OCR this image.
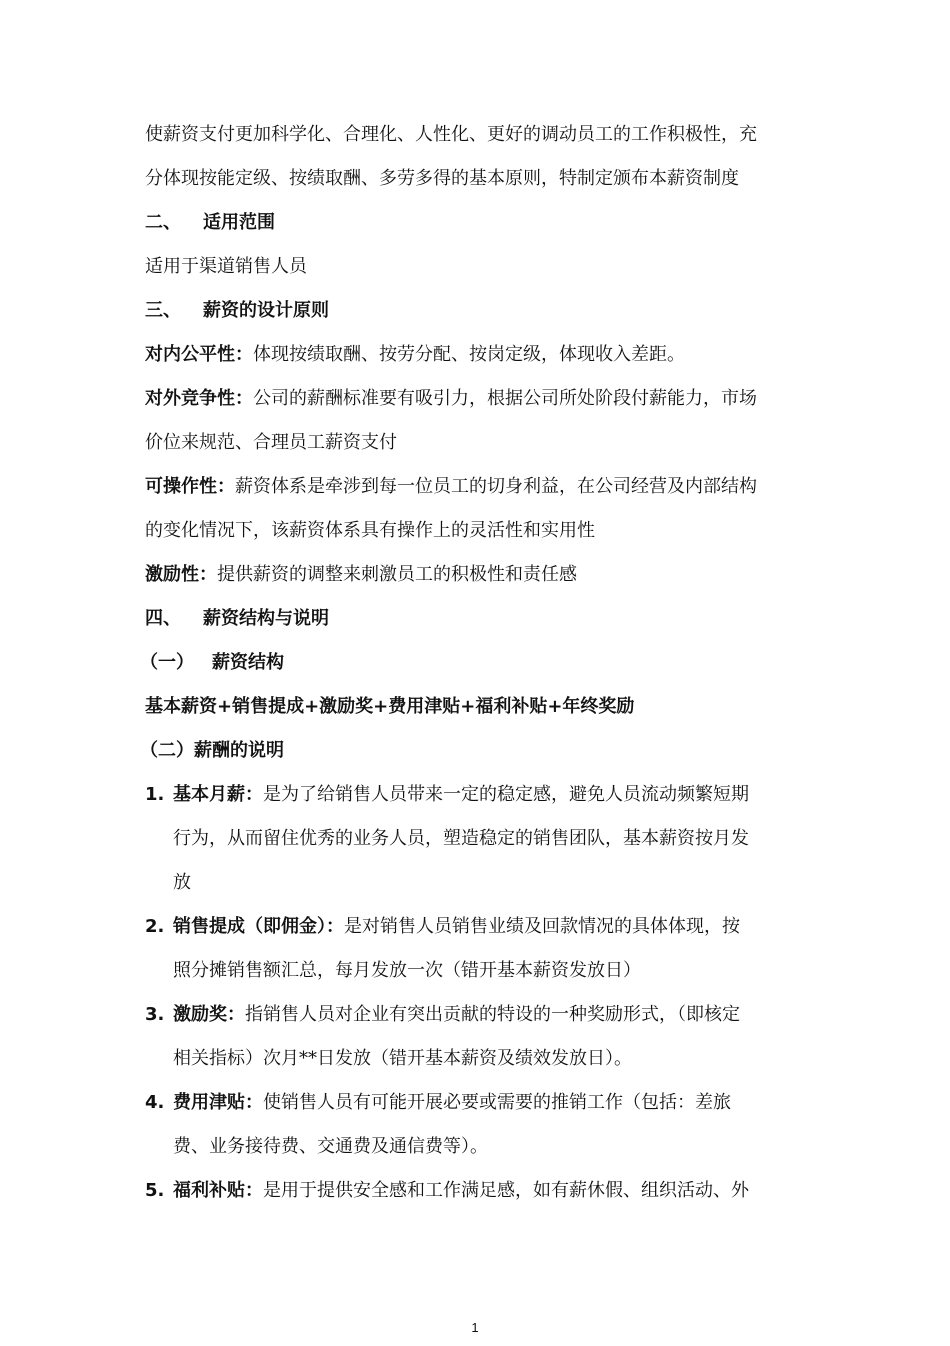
使薪资支付更加科学化、合理化、人性化、更好的调动员工的工作积极性，充
分体现按能定级、按绩取酬、多劳多得的基本原则，特制定颁布本薪资制度
二、 适用范围
适用于渠道销售人员
三、 薪资的设计原则
对内公平性：体现按绩取酬、按劳分配、按岗定级，体现收入差距。
对外竞争性：公司的薪酬标准要有吸引力，根据公司所处阶段付薪能力，市场
价位来规范、合理员工薪资支付
可操作性：薪资体系是牵涉到每一位员工的切身利益，在公司经营及内部结构
的变化情况下，该薪资体系具有操作上的灵活性和实用性
激励性：提供薪资的调整来刺激员工的积极性和责任感
四、 薪资结构与说明
（一） 薪资结构
基本薪资+销售提成+激励奖+费用津贴+福利补贴+年终奖励
（二）薪酬的说明
1. 基本月薪：是为了给销售人员带来一定的稳定感，避免人员流动频繁短期
行为，从而留住优秀的业务人员，塑造稳定的销售团队，基本薪资按月发
放
2. 销售提成（即佣金）：是对销售人员销售业绩及回款情况的具体体现，按
照分摊销售额汇总，每月发放一次（错开基本薪资发放日）
3. 激励奖：指销售人员对企业有突出贡献的特设的一种奖励形式，（即核定
相关指标）次月**日发放（错开基本薪资及绩效发放日）。
4. 费用津贴：使销售人员有可能开展必要或需要的推销工作（包括：差旅
费、业务接待费、交通费及通信费等）。
5. 福利补贴：是用于提供安全感和工作满足感，如有薪休假、组织活动、外
1
